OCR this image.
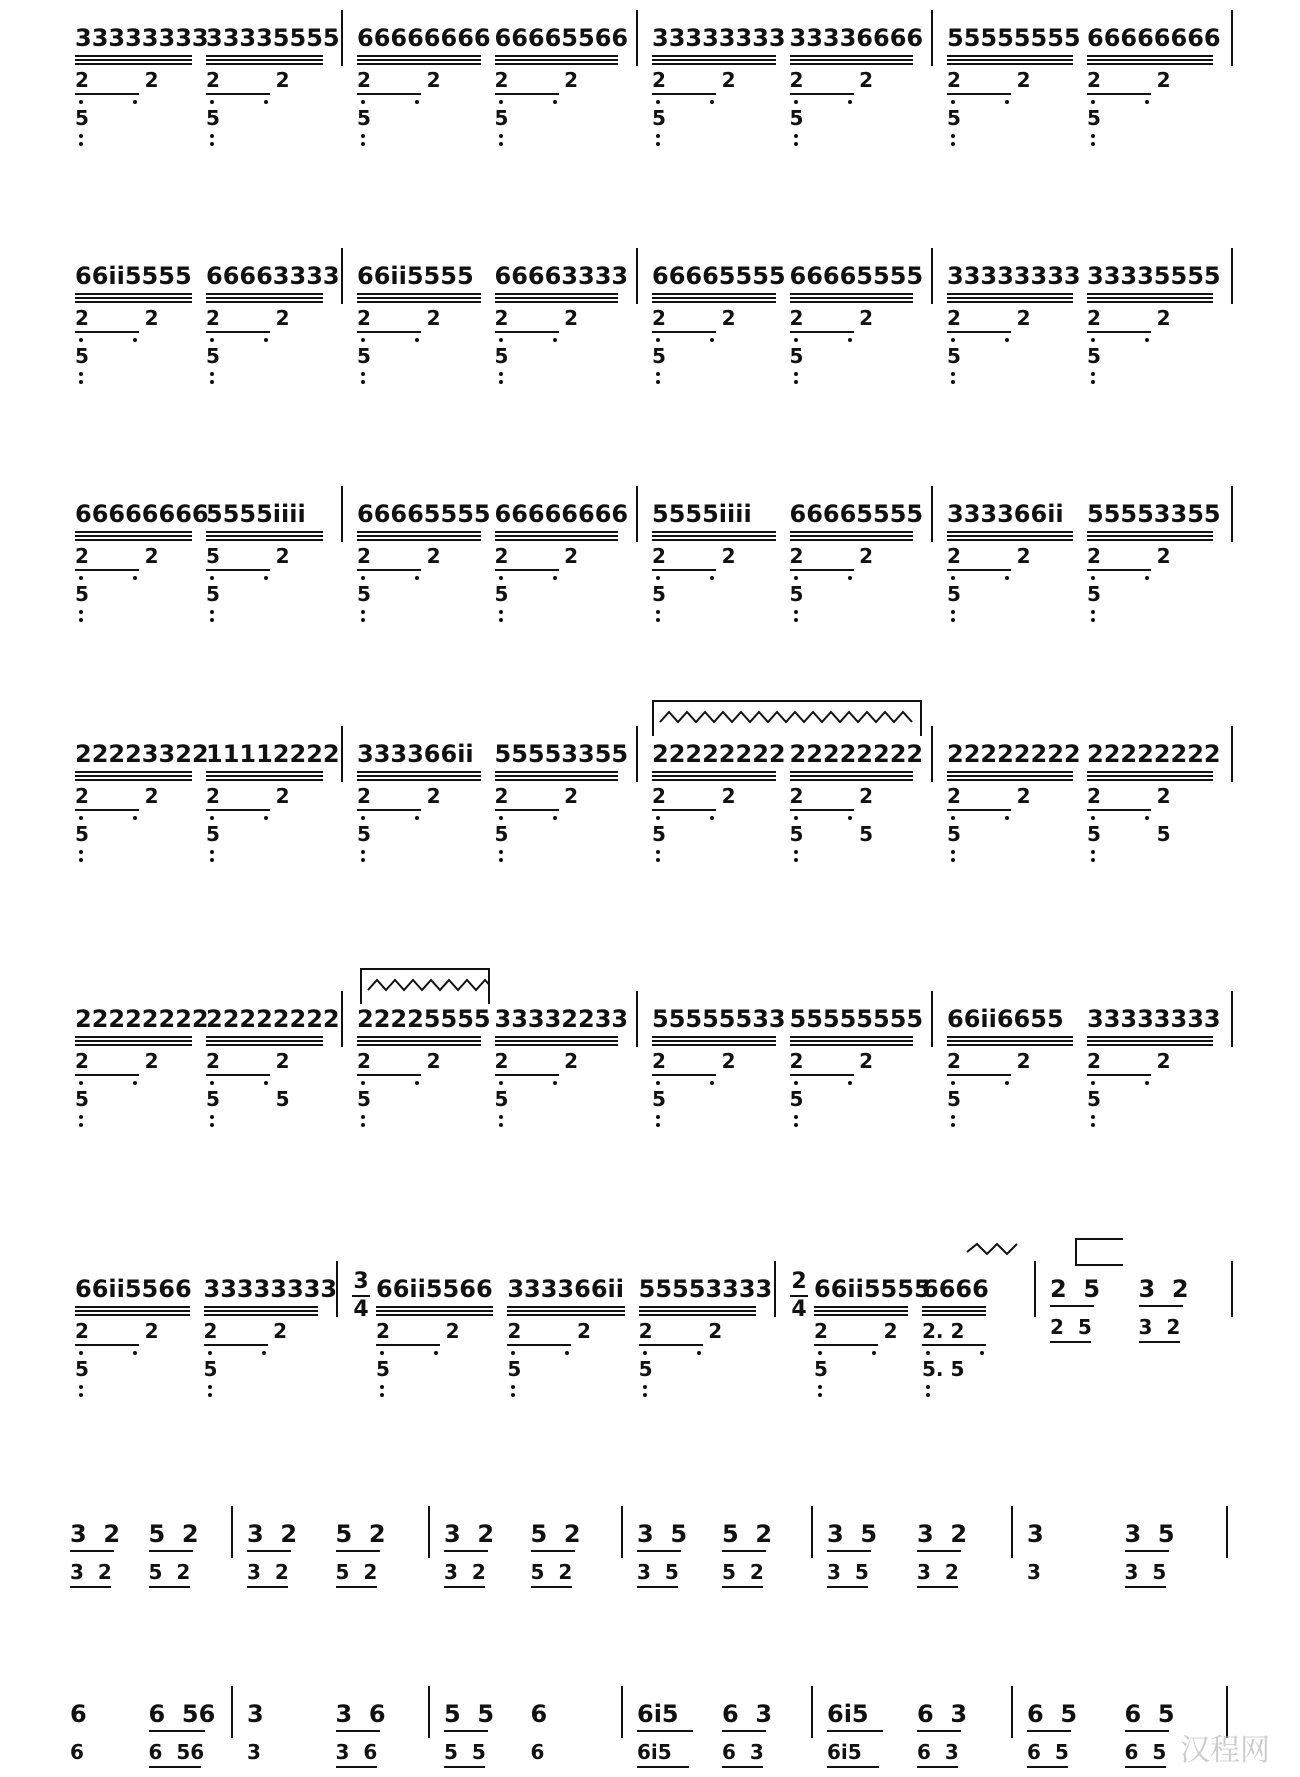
33333333
2        2
5
33335555
2        2
5
66666666
2        2
5
66665566
2        2
5
33333333
2        2
5
33336666
2        2
5
55555555
2        2
5
66666666
2        2
5
66i̇i̇5555
2        2
5
66663333
2        2
5
66i̇i̇5555
2        2
5
66663333
2        2
5
66665555
2        2
5
66665555
2        2
5
33333333
2        2
5
33335555
2        2
5
66666666
2        2
5
5555i̇i̇i̇i̇
5        2
5
66665555
2        2
5
66666666
2        2
5
5555i̇i̇i̇i̇
2        2
5
66665555
2        2
5
333366i̇i̇
2        2
5
55553355
2        2
5
22223322
2        2
5
11112222
2        2
5
333366i̇i̇
2        2
5
55553355
2        2
5
22222222
2        2
5
22222222
2        2
5        5
22222222
2        2
5
22222222
2        2
5        5
22222222
2        2
5
22222222
2        2
5        5
22225555
2        2
5
33332233
2        2
5
55555533
2        2
5
55555555
2        2
5
66i̇i̇6655
2        2
5
33333333
2        2
5
66i̇i̇5566
2        2
5
33333333
2        2
5
3
4
66i̇i̇5566
2        2
5
333366i̇i̇
2        2
5
55553333
2        2
5
2
4
66i̇i̇5555
2        2
5
6666
2. 2
5. 5
2  5
2  5
3  2
3  2
3  2
3  2
5  2
5  2
3  2
3  2
5  2
5  2
3  2
3  2
5  2
5  2
3  5
3  5
5  2
5  2
3  5
3  5
3  2
3  2
3
3
3  5
3  5
6
6
6  56
6  56
3
3
3  6
3  6
5  5
5  5
6
6
6i̇5
6i̇5
6  3
6  3
6i̇5
6i̇5
6  3
6  3
6  5
6  5
6  5
6  5 汉程网
